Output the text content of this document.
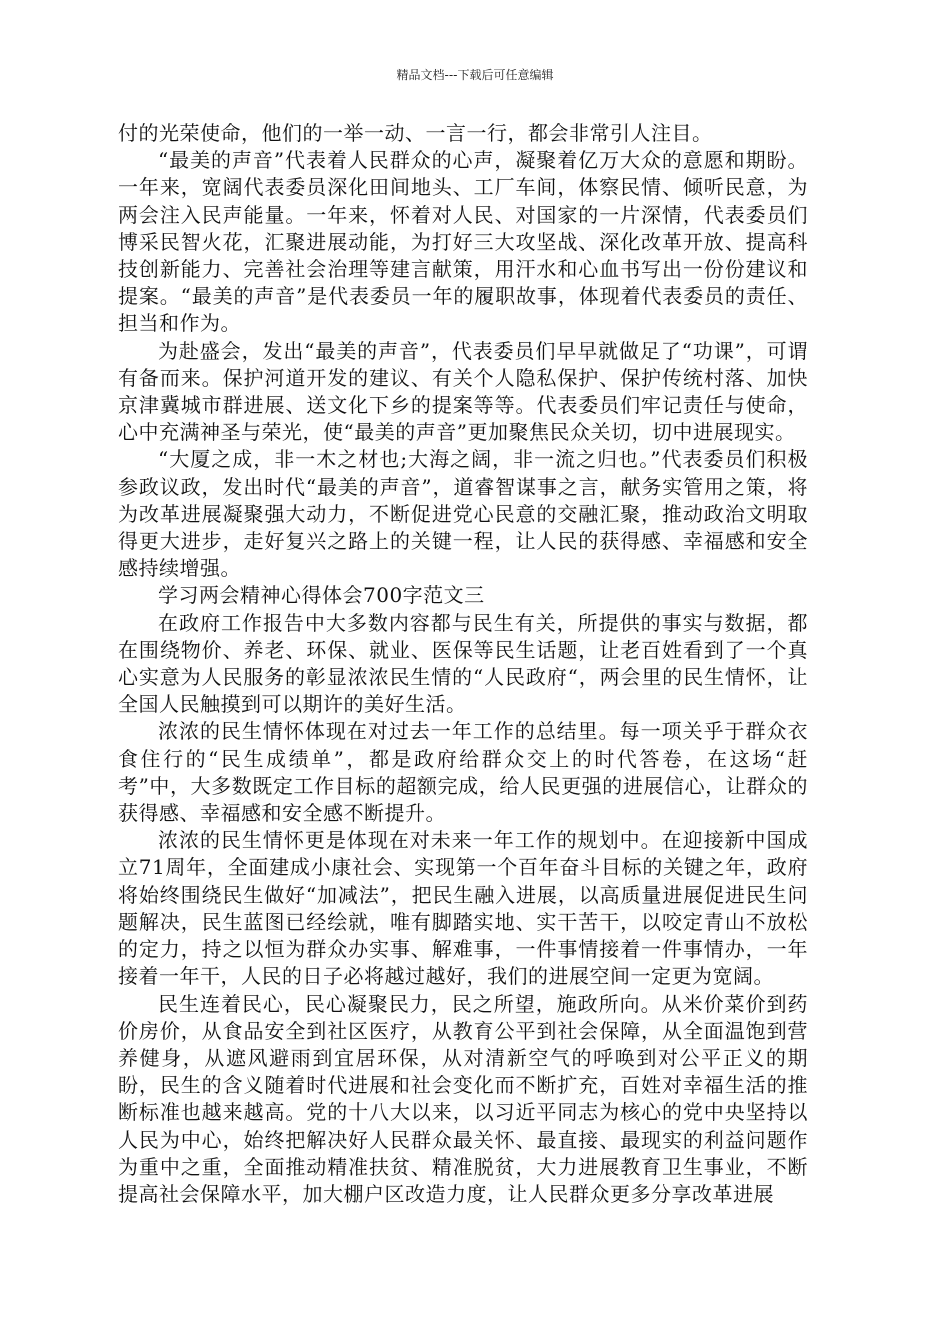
精品文档---下载后可任意编辑

付的光荣使命，他们的一举一动、一言一行，都会非常引人注目。

“最美的声音”代表着人民群众的心声，凝聚着亿万大众的意愿和期盼。一年来，宽阔代表委员深化田间地头、工厂车间，体察民情、倾听民意，为两会注入民声能量。一年来，怀着对人民、对国家的一片深情，代表委员们博采民智火花，汇聚进展动能，为打好三大攻坚战、深化改革开放、提高科技创新能力、完善社会治理等建言献策，用汗水和心血书写出一份份建议和提案。“最美的声音”是代表委员一年的履职故事，体现着代表委员的责任、担当和作为。

为赴盛会，发出“最美的声音”，代表委员们早早就做足了“功课”，可谓有备而来。保护河道开发的建议、有关个人隐私保护、保护传统村落、加快京津冀城市群进展、送文化下乡的提案等等。代表委员们牢记责任与使命，心中充满神圣与荣光，使“最美的声音”更加聚焦民众关切，切中进展现实。

“大厦之成，非一木之材也;大海之阔，非一流之归也。”代表委员们积极参政议政，发出时代“最美的声音”，道睿智谋事之言，献务实管用之策，将为改革进展凝聚强大动力，不断促进党心民意的交融汇聚，推动政治文明取得更大进步，走好复兴之路上的关键一程，让人民的获得感、幸福感和安全感持续增强。

学习两会精神心得体会700字范文三

在政府工作报告中大多数内容都与民生有关，所提供的事实与数据，都在围绕物价、养老、环保、就业、医保等民生话题，让老百姓看到了一个真心实意为人民服务的彰显浓浓民生情的“人民政府“，两会里的民生情怀，让全国人民触摸到可以期许的美好生活。

浓浓的民生情怀体现在对过去一年工作的总结里。每一项关乎于群众衣食住行的“民生成绩单”，都是政府给群众交上的时代答卷，在这场“赶考”中，大多数既定工作目标的超额完成，给人民更强的进展信心，让群众的获得感、幸福感和安全感不断提升。

浓浓的民生情怀更是体现在对未来一年工作的规划中。在迎接新中国成立71周年，全面建成小康社会、实现第一个百年奋斗目标的关键之年，政府将始终围绕民生做好“加减法”，把民生融入进展，以高质量进展促进民生问题解决，民生蓝图已经绘就，唯有脚踏实地、实干苦干，以咬定青山不放松的定力，持之以恒为群众办实事、解难事，一件事情接着一件事情办，一年接着一年干，人民的日子必将越过越好，我们的进展空间一定更为宽阔。

民生连着民心，民心凝聚民力，民之所望，施政所向。从米价菜价到药价房价，从食品安全到社区医疗，从教育公平到社会保障，从全面温饱到营养健身，从遮风避雨到宜居环保，从对清新空气的呼唤到对公平正义的期盼，民生的含义随着时代进展和社会变化而不断扩充，百姓对幸福生活的推断标准也越来越高。党的十八大以来，以习近平同志为核心的党中央坚持以人民为中心，始终把解决好人民群众最关怀、最直接、最现实的利益问题作为重中之重，全面推动精准扶贫、精准脱贫，大力进展教育卫生事业，不断提高社会保障水平，加大棚户区改造力度，让人民群众更多分享改革进展
